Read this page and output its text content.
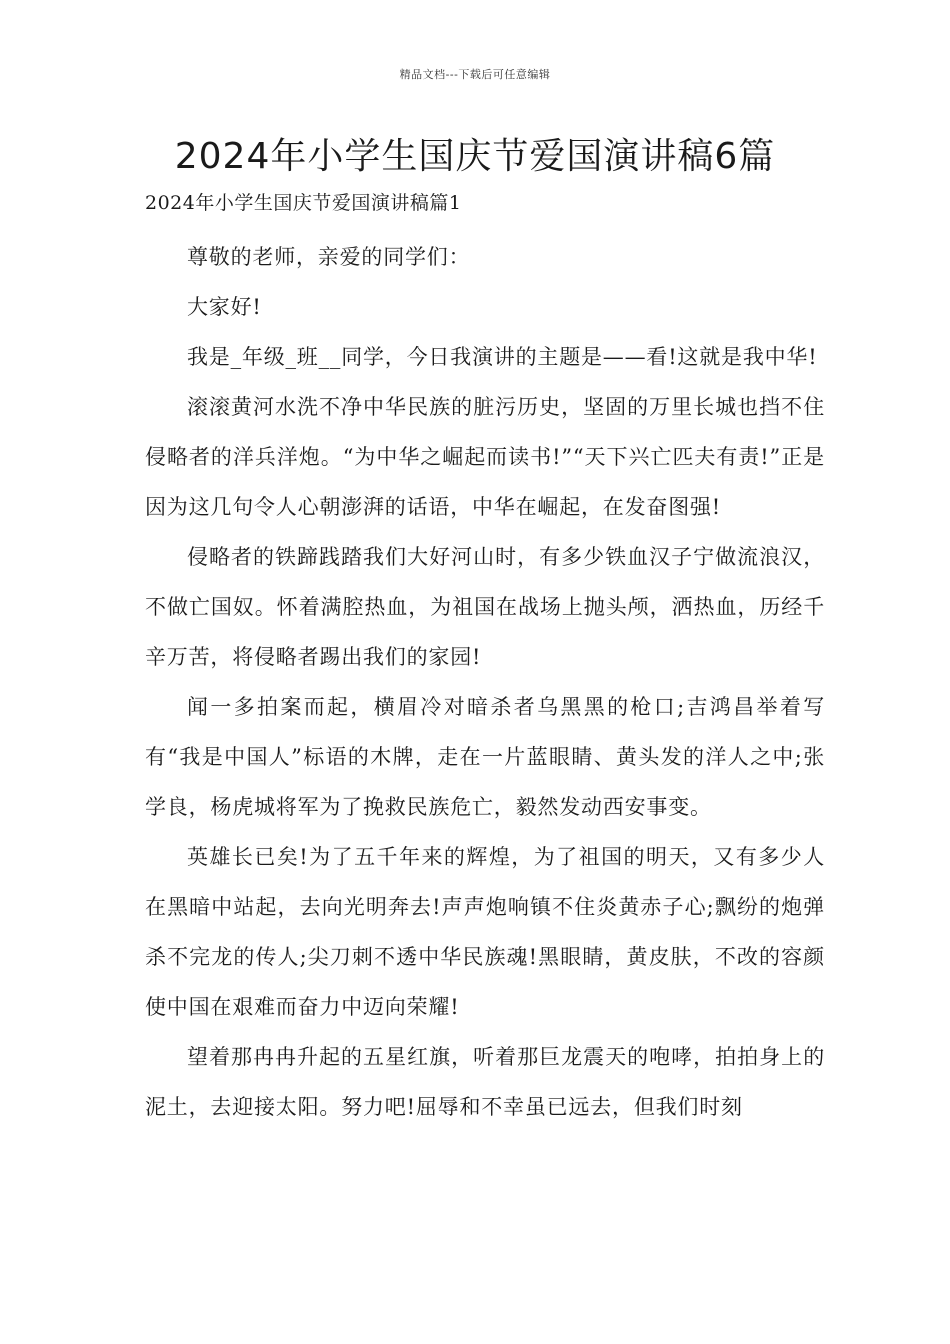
精品文档---下载后可任意编辑
2024年小学生国庆节爱国演讲稿6篇
2024年小学生国庆节爱国演讲稿篇1

尊敬的老师，亲爱的同学们：

大家好!

我是_年级_班__同学，今日我演讲的主题是——看!这就是我中华!

滚滚黄河水洗不净中华民族的脏污历史，坚固的万里长城也挡不住侵略者的洋兵洋炮。“为中华之崛起而读书!”“天下兴亡匹夫有责!”正是因为这几句令人心朝澎湃的话语，中华在崛起，在发奋图强!

侵略者的铁蹄践踏我们大好河山时，有多少铁血汉子宁做流浪汉，不做亡国奴。怀着满腔热血，为祖国在战场上抛头颅，洒热血，历经千辛万苦，将侵略者踢出我们的家园!

闻一多拍案而起，横眉冷对暗杀者乌黑黑的枪口;吉鸿昌举着写有“我是中国人”标语的木牌，走在一片蓝眼睛、黄头发的洋人之中;张学良，杨虎城将军为了挽救民族危亡，毅然发动西安事变。

英雄长已矣!为了五千年来的辉煌，为了祖国的明天，又有多少人在黑暗中站起，去向光明奔去!声声炮响镇不住炎黄赤子心;飘纷的炮弹杀不完龙的传人;尖刀刺不透中华民族魂!黑眼睛，黄皮肤，不改的容颜使中国在艰难而奋力中迈向荣耀!

望着那冉冉升起的五星红旗，听着那巨龙震天的咆哮，拍拍身上的泥土，去迎接太阳。努力吧!屈辱和不幸虽已远去，但我们时刻
